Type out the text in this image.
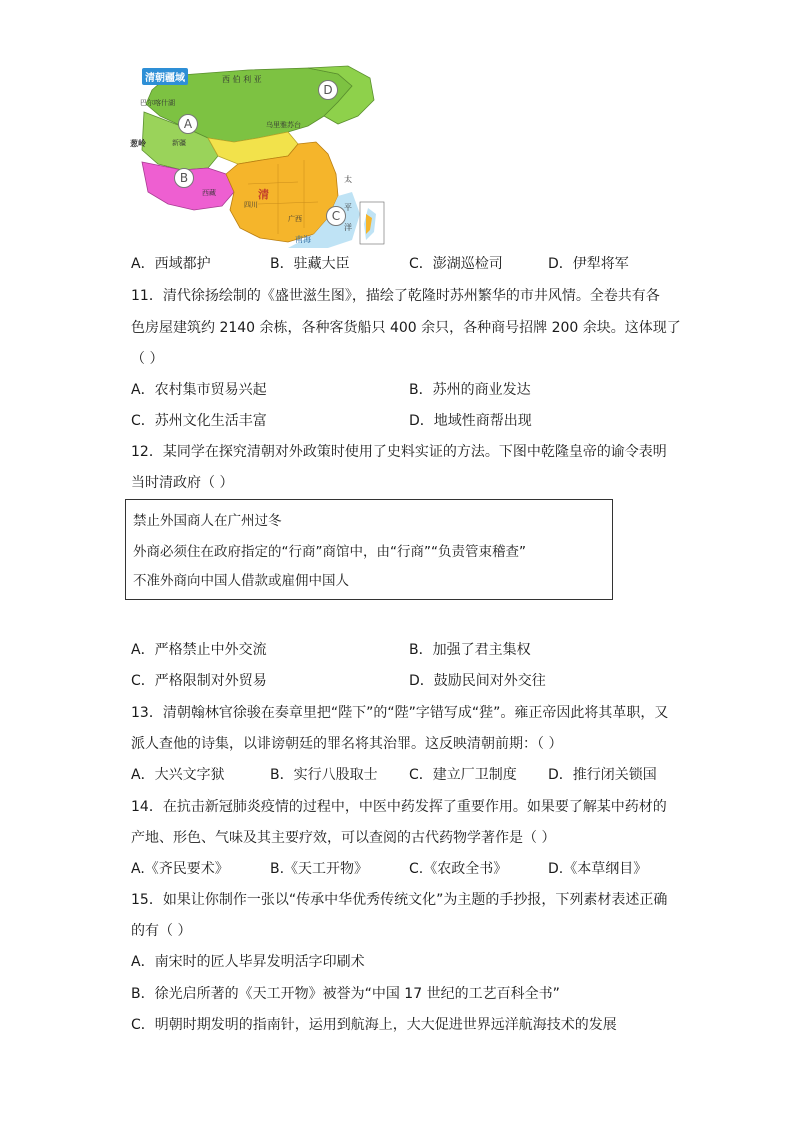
清朝疆域	西 伯 利 亚
巴尔喀什湖
葱岭
乌里雅苏台
新疆
西藏
四川
清
南海
太
平
洋
广西
A
B
C
D
A．西域都护	B．驻藏大臣	C．澎湖巡检司	D．伊犁将军
11．清代徐扬绘制的《盛世滋生图》，描绘了乾隆时苏州繁华的市井风情。全卷共有各
色房屋建筑约 2140 余栋，各种客货船只 400 余只，各种商号招牌 200 余块。这体现了
（ ）
A．农村集市贸易兴起	B．苏州的商业发达
C．苏州文化生活丰富	D．地域性商帮出现
12．某同学在探究清朝对外政策时使用了史料实证的方法。下图中乾隆皇帝的谕令表明
当时清政府（ ）
禁止外国商人在广州过冬
外商必须住在政府指定的“行商”商馆中，由“行商”“负责管束稽查”
不准外商向中国人借款或雇佣中国人
A．严格禁止中外交流	B．加强了君主集权
C．严格限制对外贸易	D．鼓励民间对外交往
13．清朝翰林官徐骏在奏章里把“陛下”的“陛”字错写成“狴”。雍正帝因此将其革职，又
派人查他的诗集，以诽谤朝廷的罪名将其治罪。这反映清朝前期：（ ）
A．大兴文字狱	B．实行八股取士 C．建立厂卫制度 D．推行闭关锁国
14．在抗击新冠肺炎疫情的过程中，中医中药发挥了重要作用。如果要了解某中药材的
产地、形色、气味及其主要疗效，可以查阅的古代药物学著作是（ ）
A.《齐民要术》	B.《天工开物》	C.《农政全书》	D.《本草纲目》
15．如果让你制作一张以“传承中华优秀传统文化”为主题的手抄报，下列素材表述正确
的有（ ）
A．南宋时的匠人毕昇发明活字印刷术
B．徐光启所著的《天工开物》被誉为“中国 17 世纪的工艺百科全书”
C．明朝时期发明的指南针，运用到航海上，大大促进世界远洋航海技术的发展
